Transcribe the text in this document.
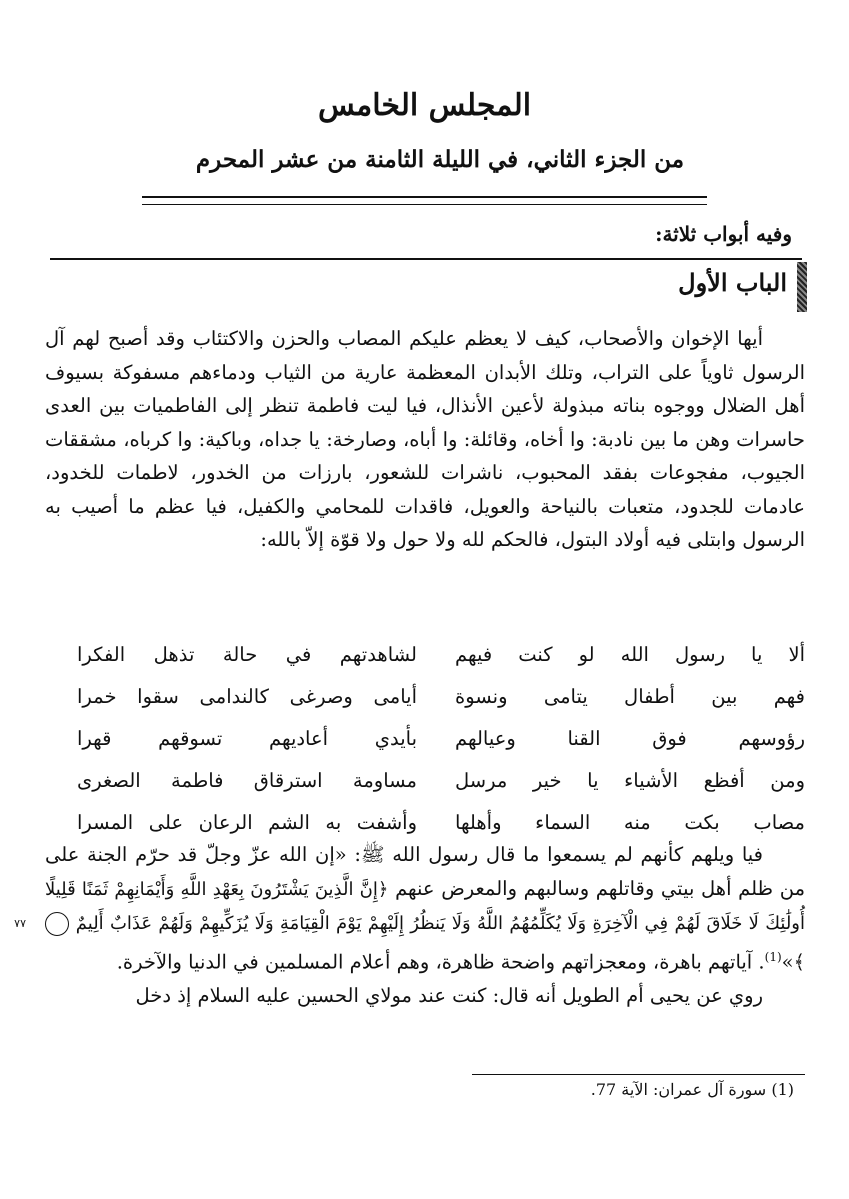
المجلس الخامس
من الجزء الثاني، في الليلة الثامنة من عشر المحرم
وفيه أبواب ثلاثة:
الباب الأول

أيها الإخوان والأصحاب، كيف لا يعظم عليكم المصاب والحزن والاكتئاب وقد أصبح لهم آل الرسول ثاوياً على التراب، وتلك الأبدان المعظمة عارية من الثياب ودماءهم مسفوكة بسيوف أهل الضلال ووجوه بناته مبذولة لأعين الأنذال، فيا ليت فاطمة تنظر إلى الفاطميات بين العدى حاسرات وهن ما بين نادبة: وا أخاه، وقائلة: وا أباه، وصارخة: يا جداه، وباكية: وا كرباه، مشققات الجيوب، مفجوعات بفقد المحبوب، ناشرات للشعور، بارزات من الخدور، لاطمات للخدود، عادمات للجدود، متعبات بالنياحة والعويل، فاقدات للمحامي والكفيل، فيا عظم ما أصيب به الرسول وابتلى فيه أولاد البتول، فالحكم لله ولا حول ولا قوّة إلاّ بالله:

ألا يا رسول الله لو كنت فيهم
لشاهدتهم في حالة تذهل الفكرا
فهم بين أطفال يتامى ونسوة
أيامى وصرغى كالندامى سقوا خمرا
رؤوسهم فوق القنا وعيالهم
بأيدي أعاديهم تسوقهم قهرا
ومن أفظع الأشياء يا خير مرسل
مساومة استرقاق فاطمة الصغرى
مصاب بكت منه السماء وأهلها
وأشفت به الشم الرعان على المسرا

فيا ويلهم كأنهم لم يسمعوا ما قال رسول الله ﷺ: «إن الله عزّ وجلّ قد حرّم الجنة على من ظلم أهل بيتي وقاتلهم وسالبهم والمعرض عنهم ﴿إِنَّ الَّذِينَ يَشْتَرُونَ بِعَهْدِ اللَّهِ وَأَيْمَانِهِمْ ثَمَنًا قَلِيلًا أُولَٰئِكَ لَا خَلَاقَ لَهُمْ فِي الْآخِرَةِ وَلَا يُكَلِّمُهُمُ اللَّهُ وَلَا يَنظُرُ إِلَيْهِمْ يَوْمَ الْقِيَامَةِ وَلَا يُزَكِّيهِمْ وَلَهُمْ عَذَابٌ أَلِيمٌ ٧٧﴾»$^{(1)}$. آياتهم باهرة، ومعجزاتهم واضحة ظاهرة، وهم أعلام المسلمين في الدنيا والآخرة.

روي عن يحيى أم الطويل أنه قال: كنت عند مولاي الحسين عليه السلام إذ دخل

(1) سورة آل عمران: الآية 77.
